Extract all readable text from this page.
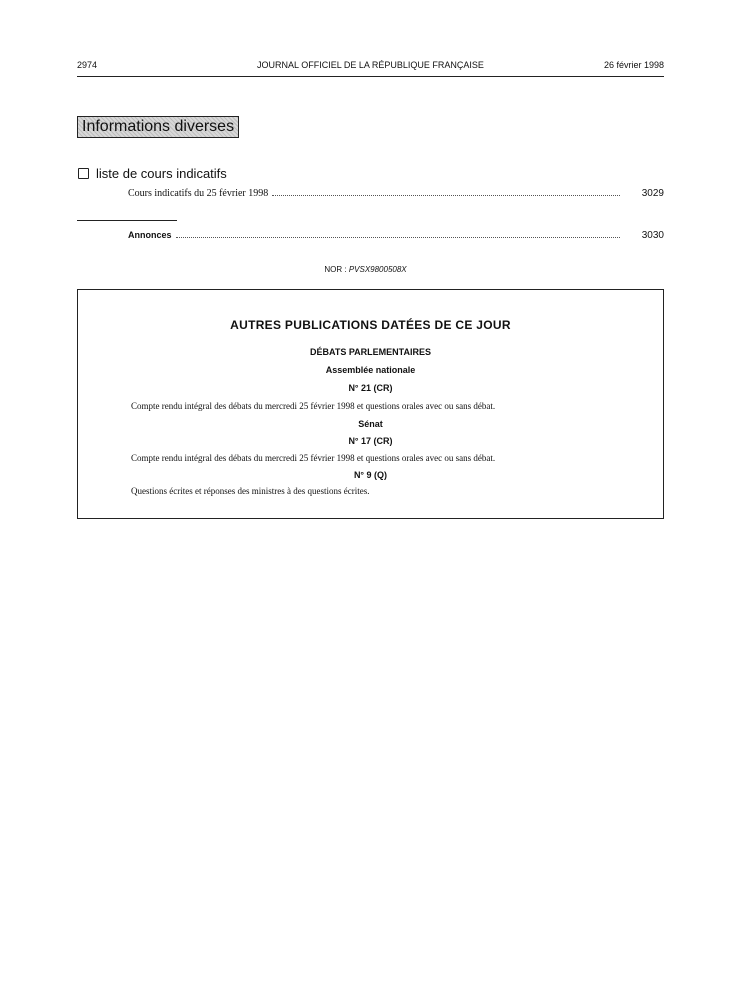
2974	JOURNAL OFFICIEL DE LA RÉPUBLIQUE FRANÇAISE	26 février 1998
Informations diverses
liste de cours indicatifs
Cours indicatifs du 25 février 1998	3029
Annonces	3030
NOR : PVSX9800508X
AUTRES PUBLICATIONS DATÉES DE CE JOUR
DÉBATS PARLEMENTAIRES
Assemblée nationale
N° 21 (CR)
Compte rendu intégral des débats du mercredi 25 février 1998 et questions orales avec ou sans débat.
Sénat
N° 17 (CR)
Compte rendu intégral des débats du mercredi 25 février 1998 et questions orales avec ou sans débat.
N° 9 (Q)
Questions écrites et réponses des ministres à des questions écrites.
